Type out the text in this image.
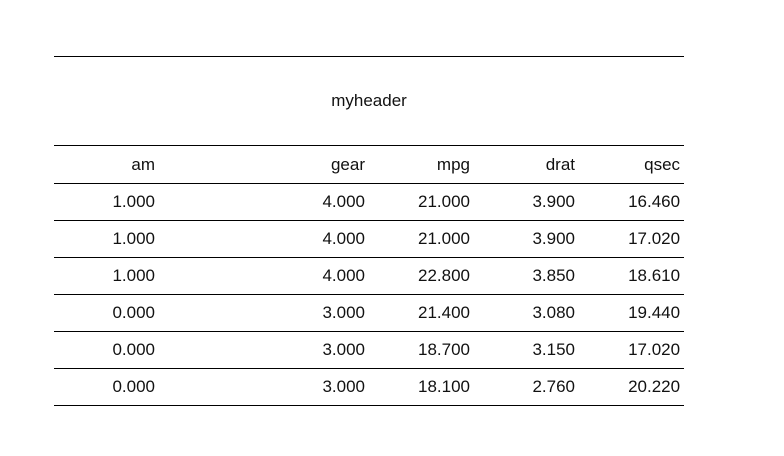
myheader				
am	gear	mpg	drat	qsec
1.000	4.000	21.000	3.900	16.460
1.000	4.000	21.000	3.900	17.020
1.000	4.000	22.800	3.850	18.610
0.000	3.000	21.400	3.080	19.440
0.000	3.000	18.700	3.150	17.020
0.000	3.000	18.100	2.760	20.220
